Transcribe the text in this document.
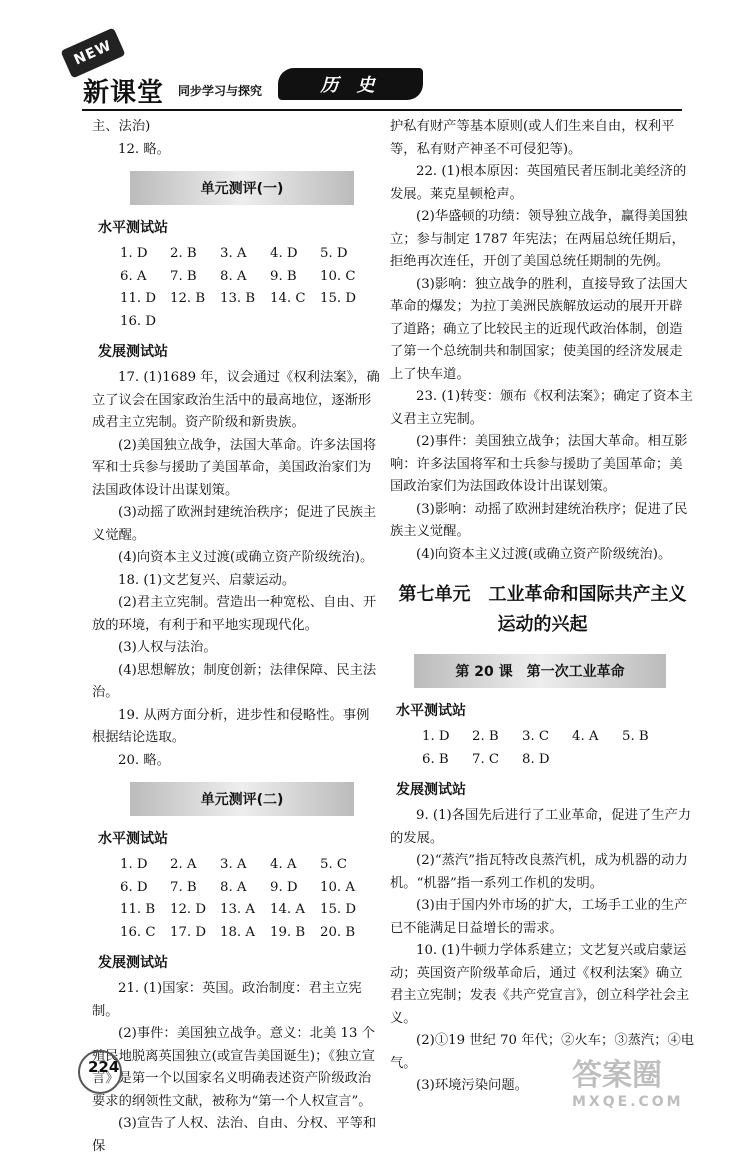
NEW
新课堂 同步学习与探究	历 史

主、法治)

12. 略。

单元测评(一)

水平测试站

1. D	2. B	3. A	4. D	5. D
6. A	7. B	8. A	9. B	10. C
11. D	12. B	13. B	14. C	15. D
16. D

发展测试站

17. (1)1689 年，议会通过《权利法案》，确立了议会在国家政治生活中的最高地位，逐渐形成君主立宪制。资产阶级和新贵族。

(2)美国独立战争，法国大革命。许多法国将军和士兵参与援助了美国革命，美国政治家们为法国政体设计出谋划策。

(3)动摇了欧洲封建统治秩序；促进了民族主义觉醒。

(4)向资本主义过渡(或确立资产阶级统治)。

18. (1)文艺复兴、启蒙运动。

(2)君主立宪制。营造出一种宽松、自由、开放的环境，有利于和平地实现现代化。

(3)人权与法治。

(4)思想解放；制度创新；法律保障、民主法治。

19. 从两方面分析，进步性和侵略性。事例根据结论选取。

20. 略。

单元测评(二)

水平测试站

1. D	2. A	3. A	4. A	5. C
6. D	7. B	8. A	9. D	10. A
11. B	12. D	13. A	14. A	15. D
16. C	17. D	18. A	19. B	20. B

发展测试站

21. (1)国家：英国。政治制度：君主立宪制。

(2)事件：美国独立战争。意义：北美 13 个殖民地脱离英国独立(或宣告美国诞生)；《独立宣言》是第一个以国家名义明确表述资产阶级政治要求的纲领性文献，被称为“第一个人权宣言”。

(3)宣告了人权、法治、自由、分权、平等和保

护私有财产等基本原则(或人们生来自由，权利平等，私有财产神圣不可侵犯等)。

22. (1)根本原因：英国殖民者压制北美经济的发展。莱克星顿枪声。

(2)华盛顿的功绩：领导独立战争，赢得美国独立；参与制定 1787 年宪法；在两届总统任期后，拒绝再次连任，开创了美国总统任期制的先例。

(3)影响：独立战争的胜利，直接导致了法国大革命的爆发；为拉丁美洲民族解放运动的展开开辟了道路；确立了比较民主的近现代政治体制，创造了第一个总统制共和制国家；使美国的经济发展走上了快车道。

23. (1)转变：颁布《权利法案》；确定了资本主义君主立宪制。

(2)事件：美国独立战争；法国大革命。相互影响：许多法国将军和士兵参与援助了美国革命；美国政治家们为法国政体设计出谋划策。

(3)影响：动摇了欧洲封建统治秩序；促进了民族主义觉醒。

(4)向资本主义过渡(或确立资产阶级统治)。

第七单元　工业革命和国际共产主义运动的兴起

第 20 课　第一次工业革命

水平测试站

1. D	2. B	3. C	4. A	5. B
6. B	7. C	8. D

发展测试站

9. (1)各国先后进行了工业革命，促进了生产力的发展。

(2)“蒸汽”指瓦特改良蒸汽机，成为机器的动力机。“机器”指一系列工作机的发明。

(3)由于国内外市场的扩大，工场手工业的生产已不能满足日益增长的需求。

10. (1)牛顿力学体系建立；文艺复兴或启蒙运动；英国资产阶级革命后，通过《权利法案》确立君主立宪制；发表《共产党宣言》，创立科学社会主义。

(2)①19 世纪 70 年代；②火车；③蒸汽；④电气。

(3)环境污染问题。

224	答案圈
MXQE.COM
